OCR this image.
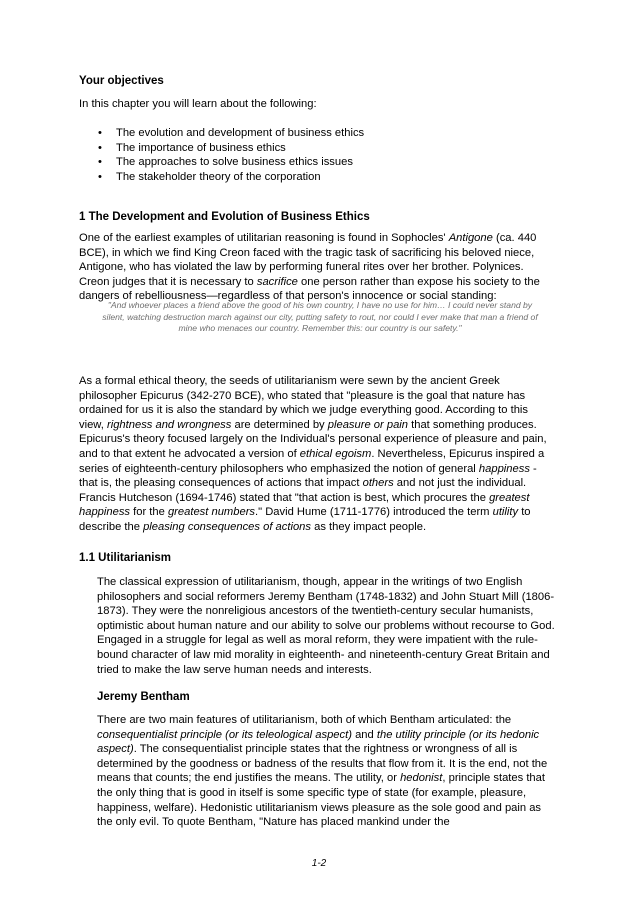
Your objectives
In this chapter you will learn about the following:
• The evolution and development of business ethics
• The importance of business ethics
• The approaches to solve business ethics issues
• The stakeholder theory of the corporation
1 The Development and Evolution of Business Ethics
One of the earliest examples of utilitarian reasoning is found in Sophocles' Antigone (ca. 440 BCE), in which we find King Creon faced with the tragic task of sacrificing his beloved niece, Antigone, who has violated the law by performing funeral rites over her brother. Polynices. Creon judges that it is necessary to sacrifice one person rather than expose his society to the dangers of rebelliousness—regardless of that person's innocence or social standing:
"And whoever places a friend above the good of his own country, I have no use for him… I could never stand by silent, watching destruction march against our city, putting safety to rout, nor could I ever make that man a friend of mine who menaces our country. Remember this: our country is our safety."
As a formal ethical theory, the seeds of utilitarianism were sewn by the ancient Greek philosopher Epicurus (342-270 BCE), who stated that "pleasure is the goal that nature has ordained for us it is also the standard by which we judge everything good. According to this view, rightness and wrongness are determined by pleasure or pain that something produces. Epicurus's theory focused largely on the Individual's personal experience of pleasure and pain, and to that extent he advocated a version of ethical egoism. Nevertheless, Epicurus inspired a series of eighteenth-century philosophers who emphasized the notion of general happiness - that is, the pleasing consequences of actions that impact others and not just the individual. Francis Hutcheson (1694-1746) stated that "that action is best, which procures the greatest happiness for the greatest numbers." David Hume (1711-1776) introduced the term utility to describe the pleasing consequences of actions as they impact people.
1.1 Utilitarianism
The classical expression of utilitarianism, though, appear in the writings of two English philosophers and social reformers Jeremy Bentham (1748-1832) and John Stuart Mill (1806-1873). They were the nonreligious ancestors of the twentieth-century secular humanists, optimistic about human nature and our ability to solve our problems without recourse to God. Engaged in a struggle for legal as well as moral reform, they were impatient with the rule-bound character of law mid morality in eighteenth- and nineteenth-century Great Britain and tried to make the law serve human needs and interests.
Jeremy Bentham
There are two main features of utilitarianism, both of which Bentham articulated: the consequentialist principle (or its teleological aspect) and the utility principle (or its hedonic aspect). The consequentialist principle states that the rightness or wrongness of all is determined by the goodness or badness of the results that flow from it. It is the end, not the means that counts; the end justifies the means. The utility, or hedonist, principle states that the only thing that is good in itself is some specific type of state (for example, pleasure, happiness, welfare). Hedonistic utilitarianism views pleasure as the sole good and pain as the only evil. To quote Bentham, "Nature has placed mankind under the
1-2
